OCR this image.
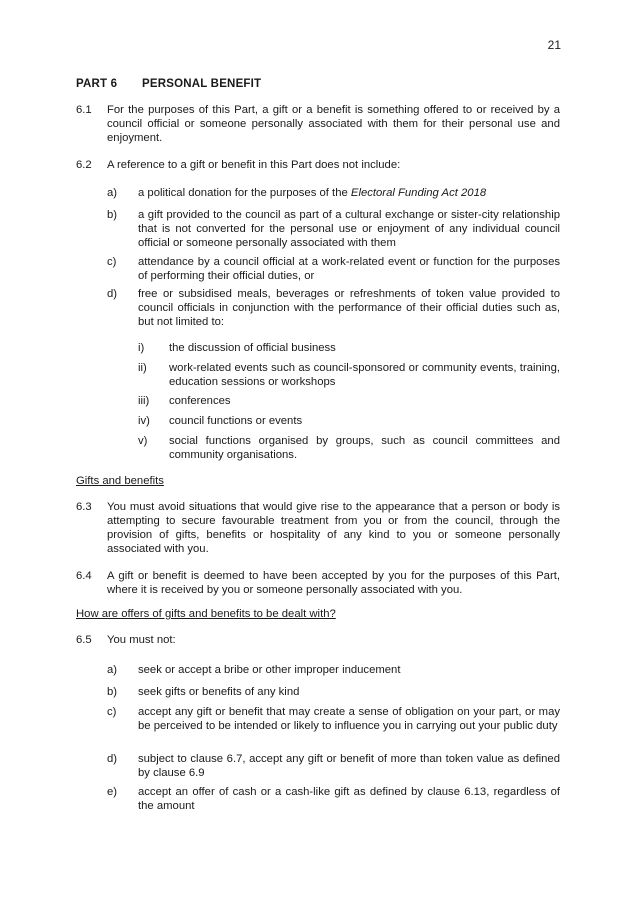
21
PART 6 PERSONAL BENEFIT
6.1 For the purposes of this Part, a gift or a benefit is something offered to or received by a council official or someone personally associated with them for their personal use and enjoyment.
6.2 A reference to a gift or benefit in this Part does not include:
a) a political donation for the purposes of the Electoral Funding Act 2018
b) a gift provided to the council as part of a cultural exchange or sister-city relationship that is not converted for the personal use or enjoyment of any individual council official or someone personally associated with them
c) attendance by a council official at a work-related event or function for the purposes of performing their official duties, or
d) free or subsidised meals, beverages or refreshments of token value provided to council officials in conjunction with the performance of their official duties such as, but not limited to:
i) the discussion of official business
ii) work-related events such as council-sponsored or community events, training, education sessions or workshops
iii) conferences
iv) council functions or events
v) social functions organised by groups, such as council committees and community organisations.
Gifts and benefits
6.3 You must avoid situations that would give rise to the appearance that a person or body is attempting to secure favourable treatment from you or from the council, through the provision of gifts, benefits or hospitality of any kind to you or someone personally associated with you.
6.4 A gift or benefit is deemed to have been accepted by you for the purposes of this Part, where it is received by you or someone personally associated with you.
How are offers of gifts and benefits to be dealt with?
6.5 You must not:
a) seek or accept a bribe or other improper inducement
b) seek gifts or benefits of any kind
c) accept any gift or benefit that may create a sense of obligation on your part, or may be perceived to be intended or likely to influence you in carrying out your public duty
d) subject to clause 6.7, accept any gift or benefit of more than token value as defined by clause 6.9
e) accept an offer of cash or a cash-like gift as defined by clause 6.13, regardless of the amount
